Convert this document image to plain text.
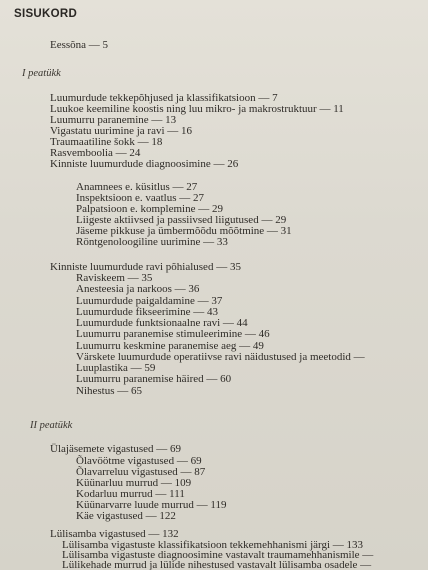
SISUKORD
Eessõna — 5
I peatükk
Luumurdude tekkepõhjused ja klassifikatsioon — 7
Luukoe keemiline koostis ning luu mikro- ja makrostruktuur — 11
Luumurru paranemine — 13
Vigastatu uurimine ja ravi — 16
Traumaatiline šokk — 18
Rasvemboolia — 24
Kinniste luumurdude diagnoosimine — 26
Anamnees e. küsitlus — 27
Inspektsioon e. vaatlus — 27
Palpatsioon e. komplemine — 29
Liigeste aktiivsed ja passiivsed liigutused — 29
Jäseme pikkuse ja ümbermõõdu mõõtmine — 31
Röntgenoloogiline uurimine — 33
Kinniste luumurdude ravi põhialused — 35
Raviskeem — 35
Anesteesia ja narkoos — 36
Luumurdude paigaldamine — 37
Luumurdude fikseerimine — 43
Luumurdude funktsionaalne ravi — 44
Luumurru paranemise stimuleerimine — 46
Luumurru keskmine paranemise aeg — 49
Värskete luumurdude operatiivse ravi näidustused ja meetodid —
Luuplastika — 59
Luumurru paranemise häired — 60
Nihestus — 65
II peatükk
Ülajäsemete vigastused — 69
Õlavöötme vigastused — 69
Õlavarreluu vigastused — 87
Küünarluu murrud — 109
Kodarluu murrud — 111
Küünarvarre luude murrud — 119
Käe vigastused — 122
Lülisamba vigastused — 132
Lülisamba vigastuste klassifikatsioon tekkemehhanismi järgi — 133
Lülisamba vigastuste diagnoosimine vastavalt traumamehhanismile —
Lülikehade murrud ja lülide nihestused vastavalt lülisamba osadele —
